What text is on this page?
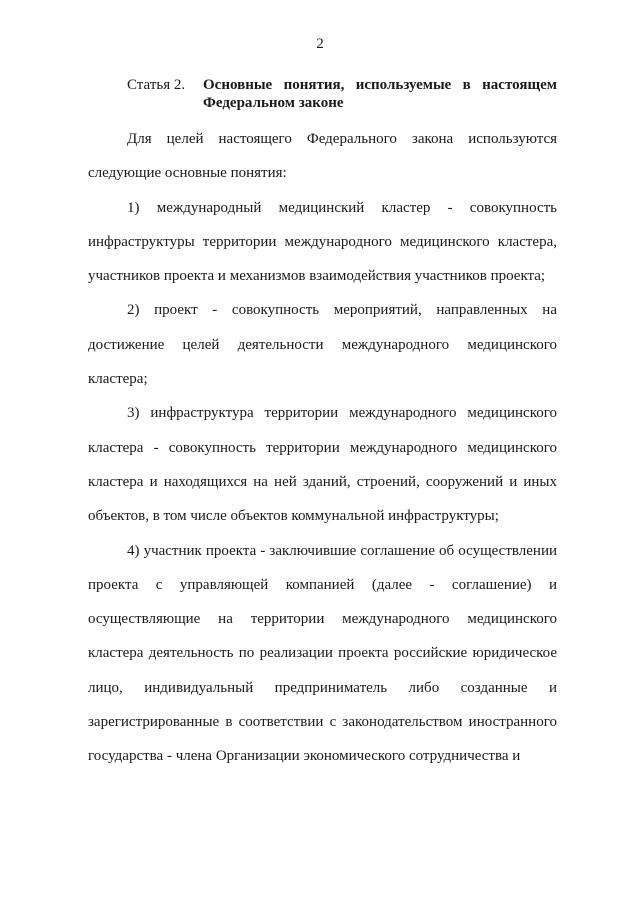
2
Статья 2. Основные понятия, используемые в настоящем Федеральном законе

Для целей настоящего Федерального закона используются следующие основные понятия:

1) международный медицинский кластер - совокупность инфраструктуры территории международного медицинского кластера, участников проекта и механизмов взаимодействия участников проекта;

2) проект - совокупность мероприятий, направленных на достижение целей деятельности международного медицинского кластера;

3) инфраструктура территории международного медицинского кластера - совокупность территории международного медицинского кластера и находящихся на ней зданий, строений, сооружений и иных объектов, в том числе объектов коммунальной инфраструктуры;

4) участник проекта - заключившие соглашение об осуществлении проекта с управляющей компанией (далее - соглашение) и осуществляющие на территории международного медицинского кластера деятельность по реализации проекта российские юридическое лицо, индивидуальный предприниматель либо созданные и зарегистрированные в соответствии с законодательством иностранного государства - члена Организации экономического сотрудничества и
